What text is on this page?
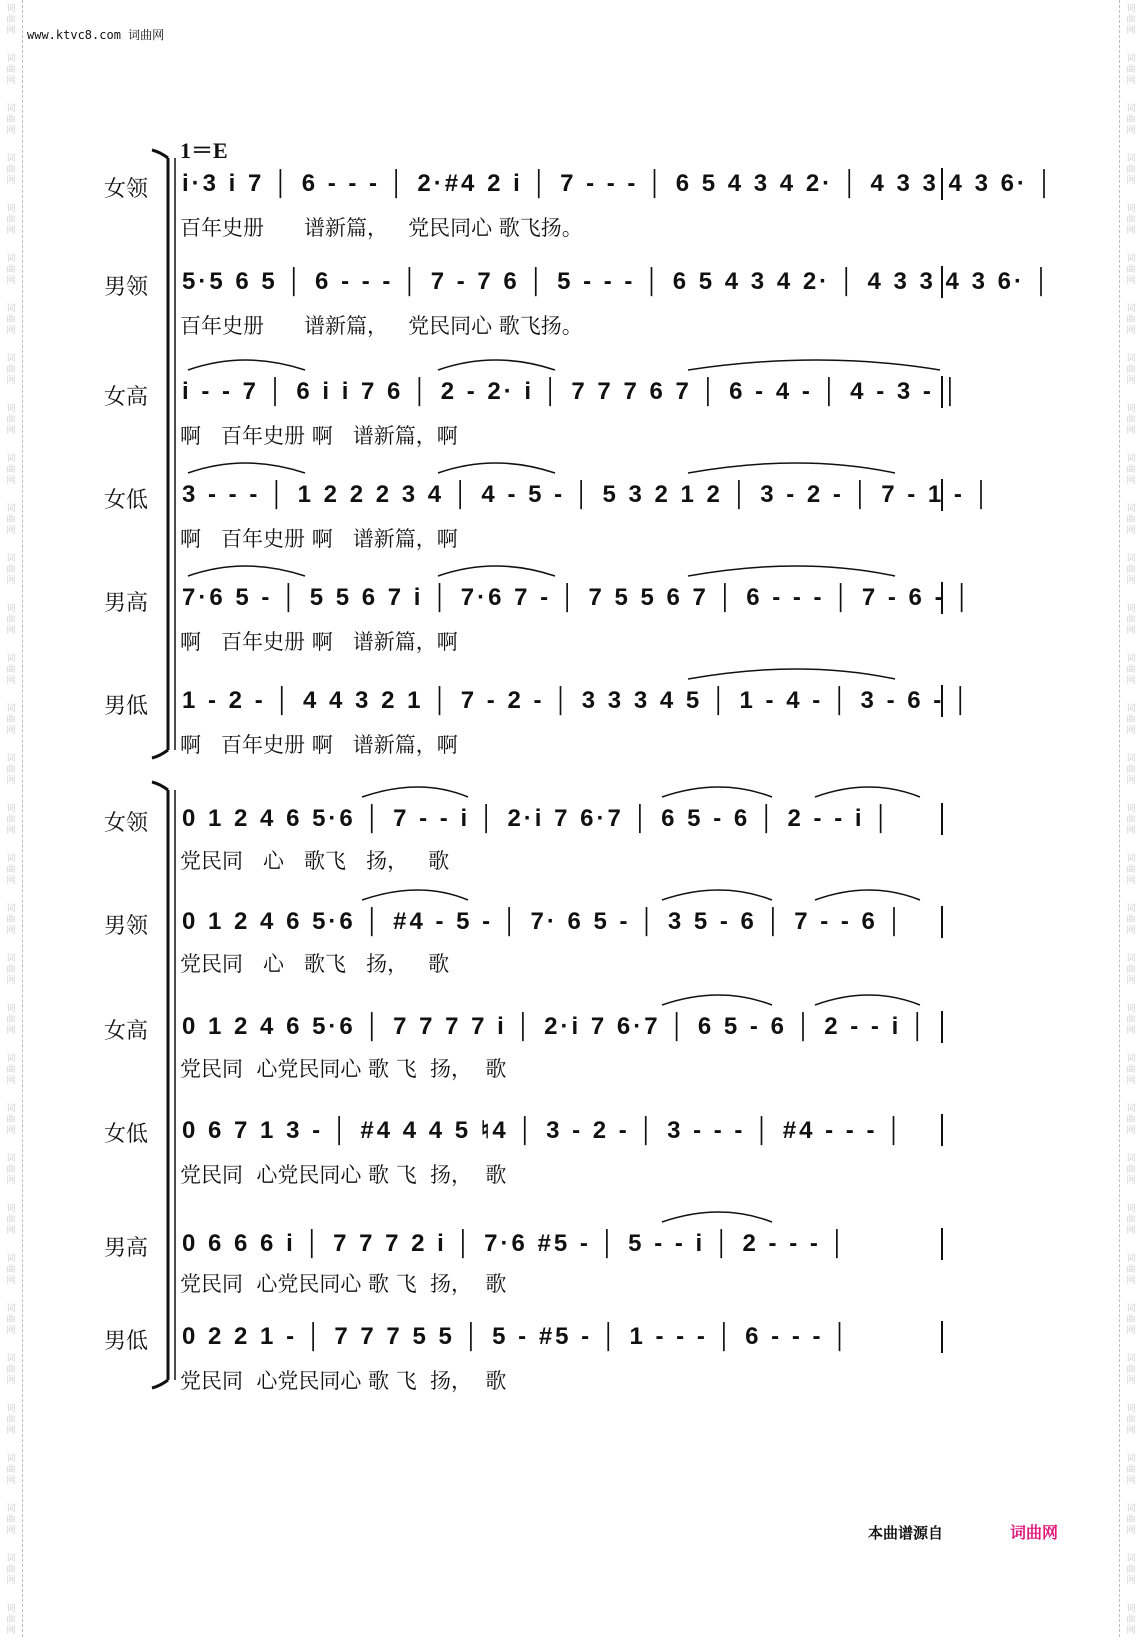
词
曲
网
词
曲
网
词
曲
网
词
曲
网
词
曲
网
词
曲
网
词
曲
网
词
曲
网
词
曲
网
词
曲
网
词
曲
网
词
曲
网
词
曲
网
词
曲
网
词
曲
网
词
曲
网
词
曲
网
词
曲
网
词
曲
网
词
曲
网
词
曲
网
词
曲
网
词
曲
网
词
曲
网
词
曲
网
词
曲
网
词
曲
网
词
曲
网
词
曲
网
词
曲
网
词
曲
网
词
曲
网
词
曲
网
词
曲
网
词
曲
网
词
曲
网
词
曲
网
词
曲
网
词
曲
网
词
曲
网
词
曲
网
词
曲
网
词
曲
网
词
曲
网
词
曲
网
词
曲
网
词
曲
网
词
曲
网
词
曲
网
词
曲
网
词
曲
网
词
曲
网
词
曲
网
词
曲
网
词
曲
网
词
曲
网
词
曲
网
词
曲
网
词
曲
网
词
曲
网
词
曲
网
词
曲
网
词
曲
网
词
曲
网
词
曲
网
词
曲
网
www.ktvc8.com 词曲网
1＝E
女领 i·3 i 7 │ 6 - - - │ 2·#4 2 i │ 7 - - - │ 6 5 4 3 4 2· │ 4 3 3 4 3 6· │
百年史册      谱新篇，   党民同心 歌飞扬。
男领 5·5 6 5 │ 6 - - - │ 7 - 7 6 │ 5 - - - │ 6 5 4 3 4 2· │ 4 3 3 4 3 6· │
百年史册      谱新篇，   党民同心 歌飞扬。
女高 i - - 7 │ 6 i i 7 6 │ 2 - 2· i │ 7 7 7 6 7 │ 6 - 4 - │ 4 - 3 - │
啊   百年史册 啊   谱新篇，啊
女低 3 - - - │ 1 2 2 2 3 4 │ 4 - 5 - │ 5 3 2 1 2 │ 3 - 2 - │ 7 - 1 - │
啊   百年史册 啊   谱新篇，啊
男高 7·6 5 - │ 5 5 6 7 i │ 7·6 7 - │ 7 5 5 6 7 │ 6 - - - │ 7 - 6 - │
啊   百年史册 啊   谱新篇，啊
男低 1 - 2 - │ 4 4 3 2 1 │ 7 - 2 - │ 3 3 3 4 5 │ 1 - 4 - │ 3 - 6 - │
啊   百年史册 啊   谱新篇，啊
女领 0 1 2 4 6 5·6 │ 7 - - i │ 2·i 7 6·7 │ 6 5 - 6 │ 2 - - i │
党民同   心   歌飞   扬，   歌
男领 0 1 2 4 6 5·6 │ #4 - 5 - │ 7· 6 5 - │ 3 5 - 6 │ 7 - - 6 │
党民同   心   歌飞   扬，   歌
女高 0 1 2 4 6 5·6 │ 7 7 7 7 i │ 2·i 7 6·7 │ 6 5 - 6 │ 2 - - i │
党民同  心党民同心 歌 飞  扬，  歌
女低 0 6 7 1 3 - │ #4 4 4 5 ♮4 │ 3 - 2 - │ 3 - - - │ #4 - - - │
党民同  心党民同心 歌 飞  扬，  歌
男高 0 6 6 6 i │ 7 7 7 2 i │ 7·6 #5 - │ 5 - - i │ 2 - - - │
党民同  心党民同心 歌 飞  扬，  歌
男低 0 2 2 1 - │ 7 7 7 5 5 │ 5 - #5 - │ 1 - - - │ 6 - - - │
党民同  心党民同心 歌 飞  扬，  歌
本曲谱源自	词曲网
